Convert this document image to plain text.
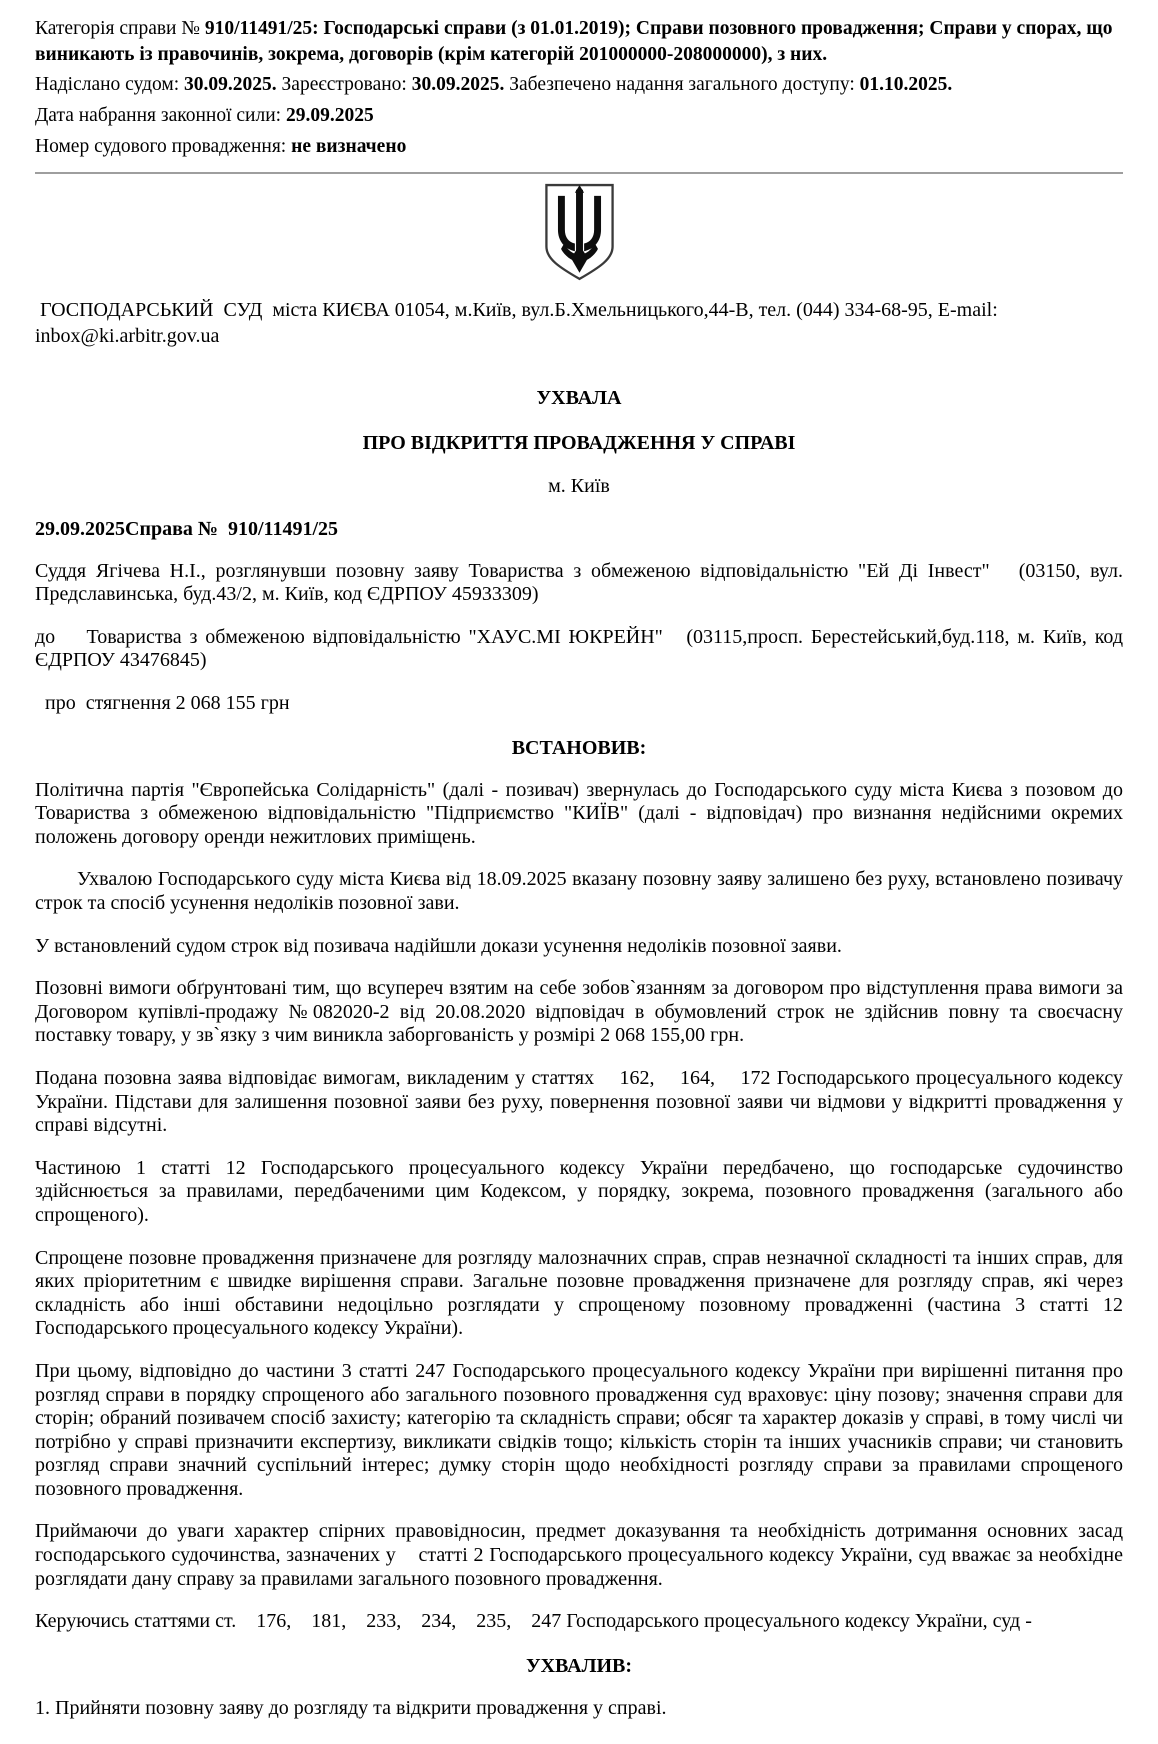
Категорія справи № 910/11491/25: Господарські справи (з 01.01.2019); Справи позовного провадження; Справи у спорах, що виникають із правочинів, зокрема, договорів (крім категорій 201000000-208000000), з них.

Надіслано судом: 30.09.2025. Зареєстровано: 30.09.2025. Забезпечено надання загального доступу: 01.10.2025.

Дата набрання законної сили: 29.09.2025

Номер судового провадження: не визначено

ГОСПОДАРСЬКИЙ  СУД  міста КИЄВА 01054, м.Київ, вул.Б.Хмельницького,44-В, тел. (044) 334-68-95, E-mail: inbox@ki.arbitr.gov.ua

УХВАЛА
ПРО ВІДКРИТТЯ ПРОВАДЖЕННЯ У СПРАВІ

м. Київ

29.09.2025Справа №  910/11491/25

Суддя Ягічева Н.І., розглянувши позовну заяву Товариства з обмеженою відповідальністю "Ей Ді Інвест"   (03150, вул. Предславинська, буд.43/2, м. Київ, код ЄДРПОУ 45933309)

до    Товариства з обмеженою відповідальністю "ХАУС.МІ ЮКРЕЙН"   (03115,просп. Берестейський,буд.118, м. Київ, код ЄДРПОУ 43476845)

про  стягнення 2 068 155 грн

ВСТАНОВИВ:

Політична партія "Європейська Солідарність" (далі - позивач) звернулась до Господарського суду міста Києва з позовом до Товариства з обмеженою відповідальністю "Підприємство "КИЇВ" (далі - відповідач) про визнання недійсними окремих положень договору оренди нежитлових приміщень.

Ухвалою Господарського суду міста Києва від 18.09.2025 вказану позовну заяву залишено без руху, встановлено позивачу строк та спосіб усунення недоліків позовної зави.

У встановлений судом строк від позивача надійшли докази усунення недоліків позовної заяви.

Позовні вимоги обґрунтовані тим, що всупереч взятим на себе зобов`язанням за договором про відступлення права вимоги за Договором купівлі-продажу №082020-2 від 20.08.2020 відповідач в обумовлений строк не здійснив повну та своєчасну поставку товару, у зв`язку з чим виникла заборгованість у розмірі 2 068 155,00 грн.

Подана позовна заява відповідає вимогам, викладеним у статтях    162,    164,    172 Господарського процесуального кодексу України. Підстави для залишення позовної заяви без руху, повернення позовної заяви чи відмови у відкритті провадження у справі відсутні.

Частиною 1 статті 12 Господарського процесуального кодексу України передбачено, що господарське судочинство здійснюється за правилами, передбаченими цим Кодексом, у порядку, зокрема, позовного провадження (загального або спрощеного).

Спрощене позовне провадження призначене для розгляду малозначних справ, справ незначної складності та інших справ, для яких пріоритетним є швидке вирішення справи. Загальне позовне провадження призначене для розгляду справ, які через складність або інші обставини недоцільно розглядати у спрощеному позовному провадженні (частина 3 статті 12 Господарського процесуального кодексу України).

При цьому, відповідно до частини 3 статті 247 Господарського процесуального кодексу України при вирішенні питання про розгляд справи в порядку спрощеного або загального позовного провадження суд враховує: ціну позову; значення справи для сторін; обраний позивачем спосіб захисту; категорію та складність справи; обсяг та характер доказів у справі, в тому числі чи потрібно у справі призначити експертизу, викликати свідків тощо; кількість сторін та інших учасників справи; чи становить розгляд справи значний суспільний інтерес; думку сторін щодо необхідності розгляду справи за правилами спрощеного позовного провадження.

Приймаючи до уваги характер спірних правовідносин, предмет доказування та необхідність дотримання основних засад господарського судочинства, зазначених у    статті 2 Господарського процесуального кодексу України, суд вважає за необхідне розглядати дану справу за правилами загального позовного провадження.

Керуючись статтями ст.    176,    181,    233,    234,    235,    247 Господарського процесуального кодексу України, суд -

УХВАЛИВ:

1. Прийняти позовну заяву до розгляду та відкрити провадження у справі.
